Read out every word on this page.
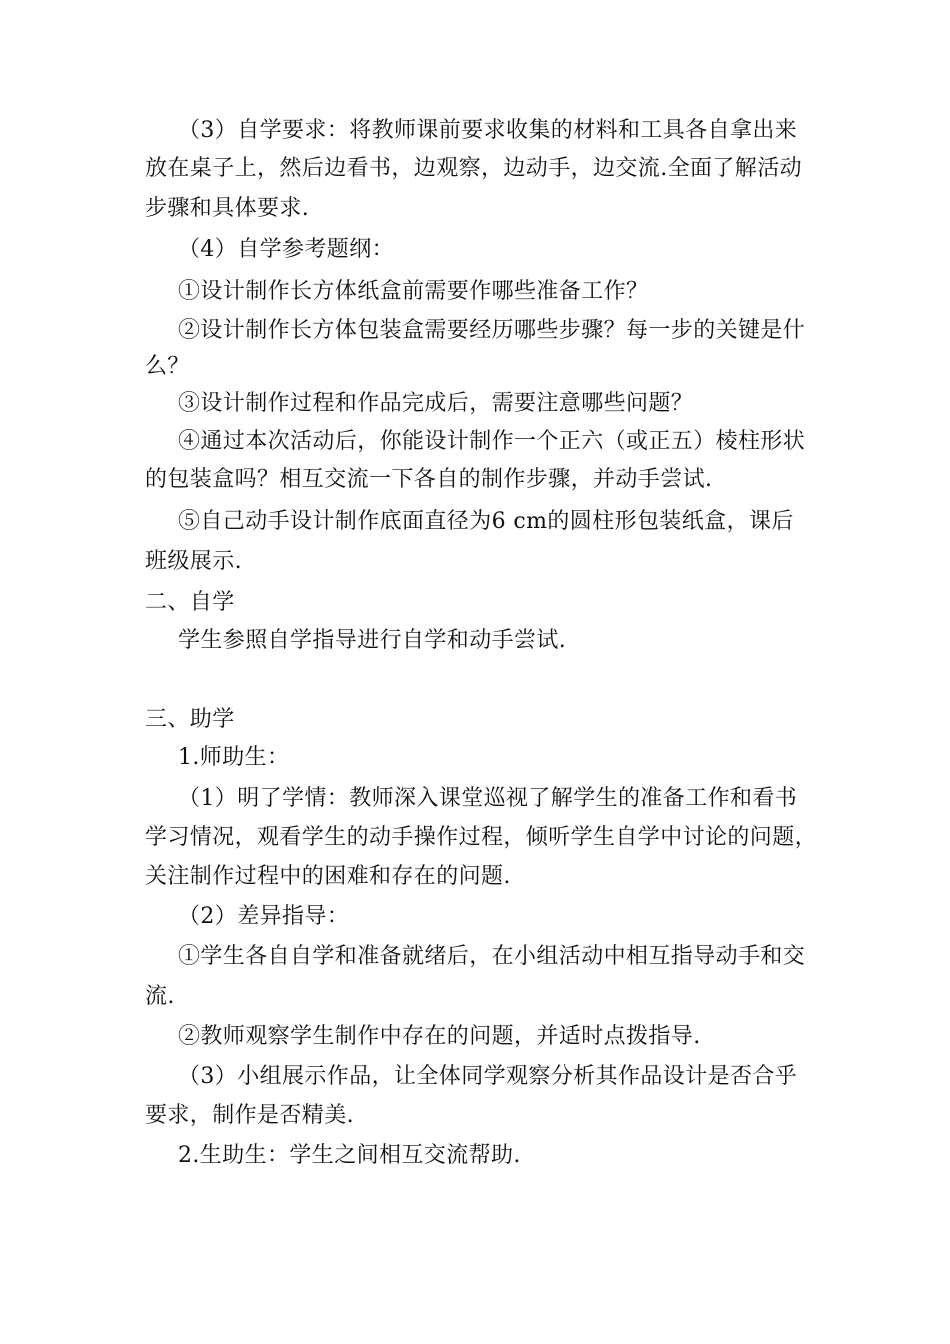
（3）自学要求：将教师课前要求收集的材料和工具各自拿出来
放在桌子上，然后边看书，边观察，边动手，边交流.全面了解活动
步骤和具体要求.
（4）自学参考题纲：
①设计制作长方体纸盒前需要作哪些准备工作？
②设计制作长方体包装盒需要经历哪些步骤？每一步的关键是什
么？
③设计制作过程和作品完成后，需要注意哪些问题？
④通过本次活动后，你能设计制作一个正六（或正五）棱柱形状
的包装盒吗？相互交流一下各自的制作步骤，并动手尝试.
⑤自己动手设计制作底面直径为6 cm的圆柱形包装纸盒，课后
班级展示.
二、自学
学生参照自学指导进行自学和动手尝试.
三、助学
1.师助生：
（1）明了学情：教师深入课堂巡视了解学生的准备工作和看书
学习情况，观看学生的动手操作过程，倾听学生自学中讨论的问题，
关注制作过程中的困难和存在的问题.
（2）差异指导：
①学生各自自学和准备就绪后，在小组活动中相互指导动手和交
流.
②教师观察学生制作中存在的问题，并适时点拨指导.
（3）小组展示作品，让全体同学观察分析其作品设计是否合乎
要求，制作是否精美.
2.生助生：学生之间相互交流帮助.
